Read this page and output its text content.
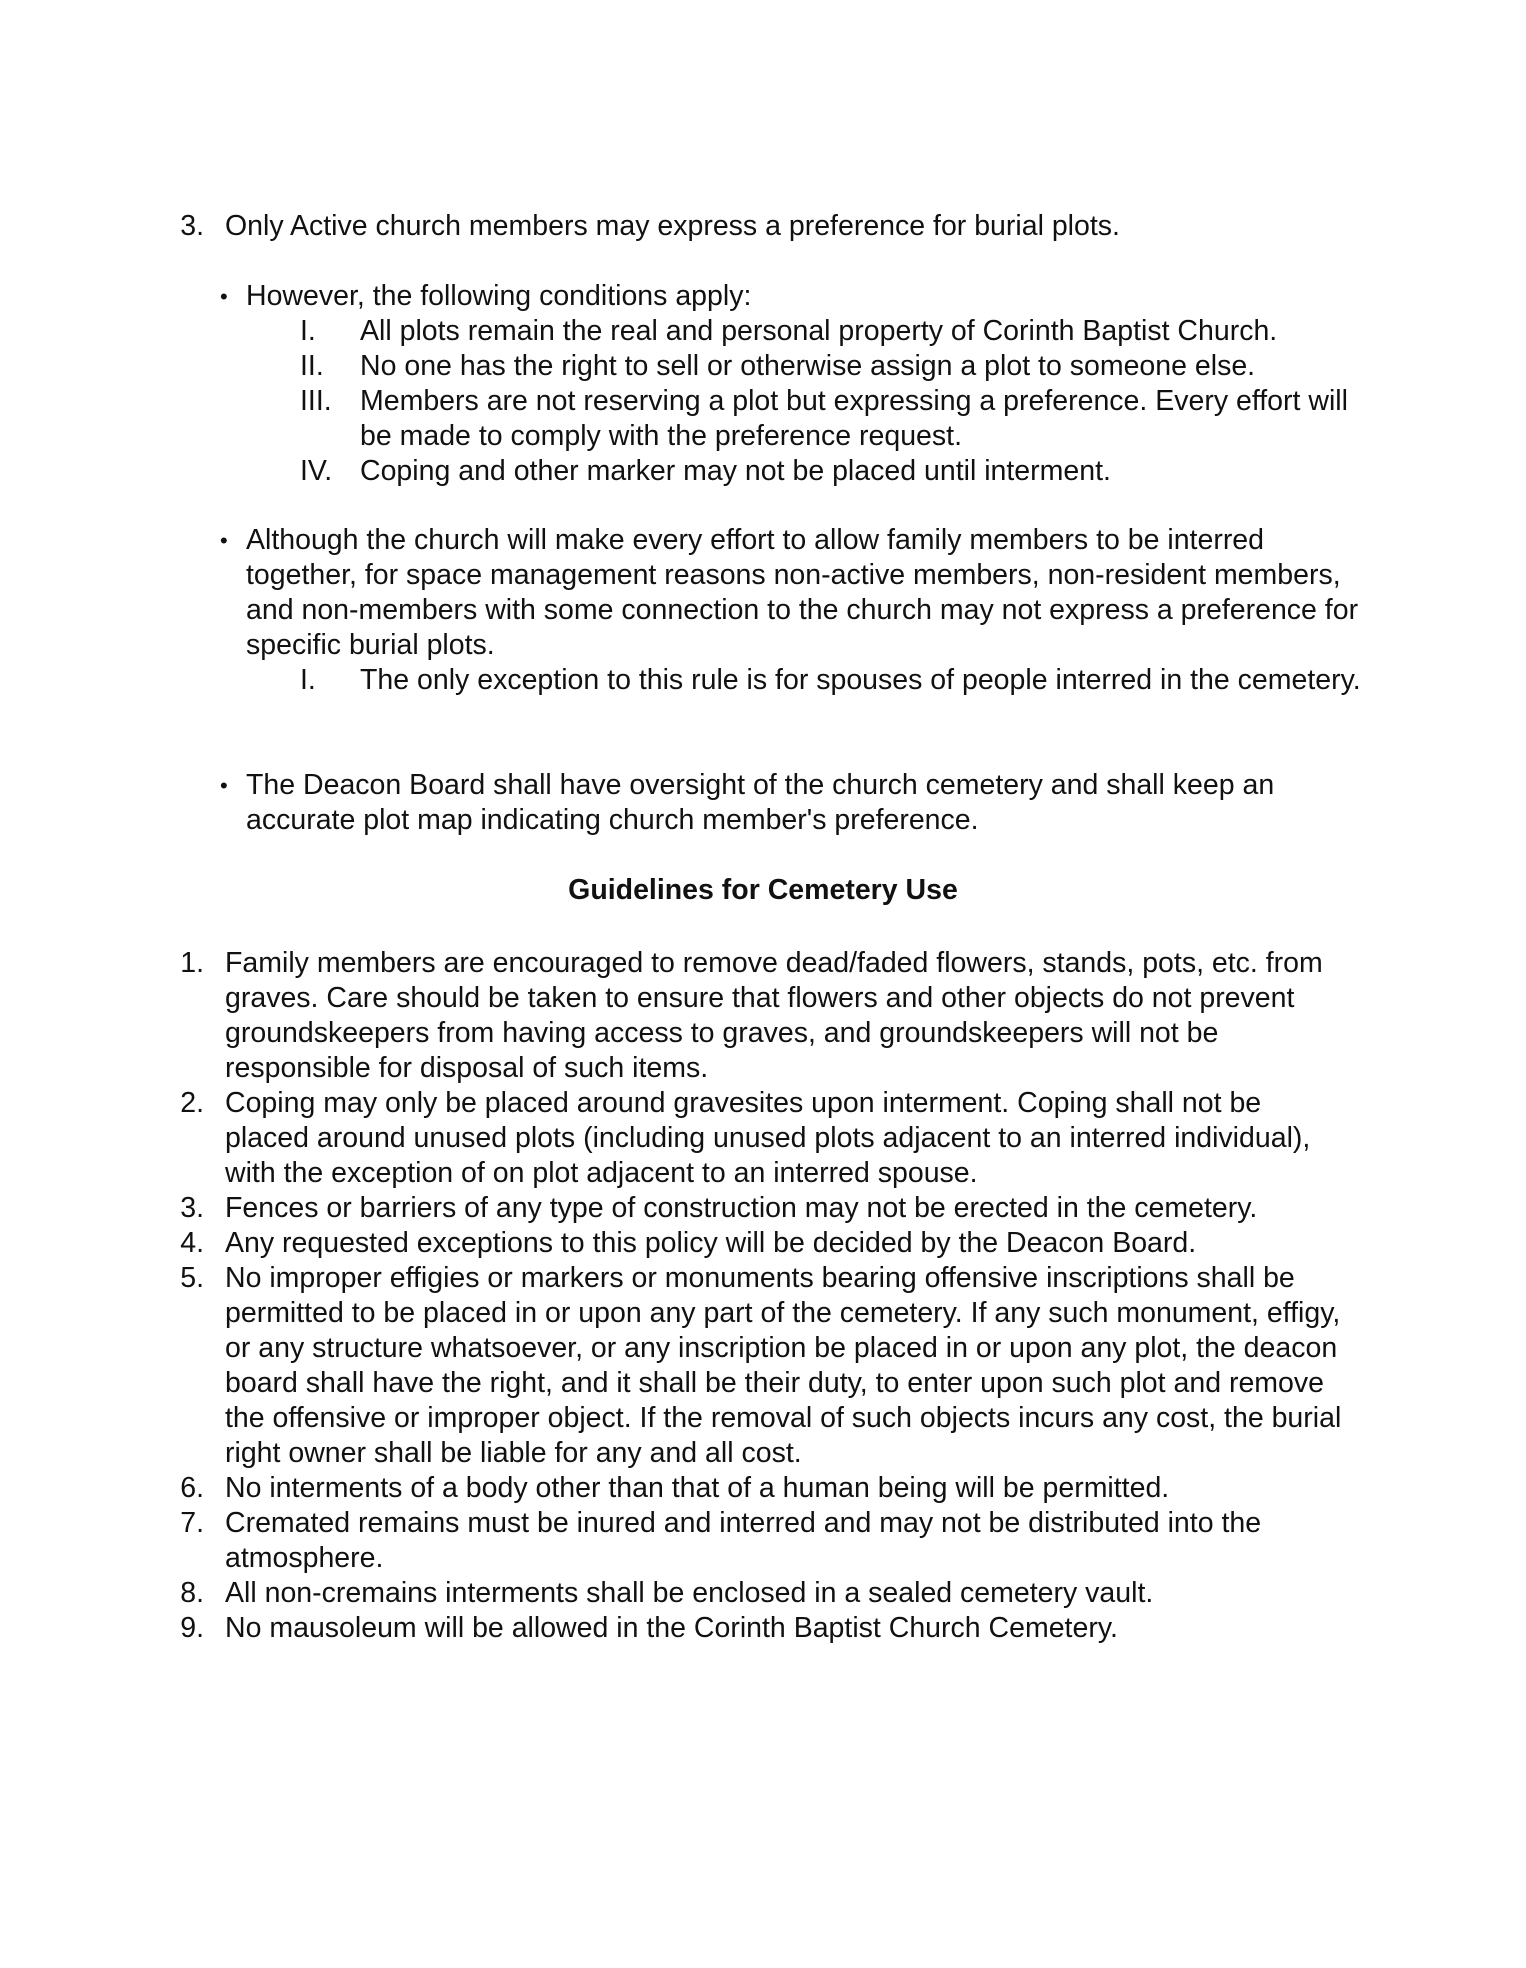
3. Only Active church members may express a preference for burial plots.
• However, the following conditions apply:
I.	All plots remain the real and personal property of Corinth Baptist Church.
II.	No one has the right to sell or otherwise assign a plot to someone else.
III. Members are not reserving a plot but expressing a preference. Every effort will be made to comply with the preference request.
IV. Coping and other marker may not be placed until interment.
• Although the church will make every effort to allow family members to be interred together, for space management reasons non-active members, non-resident members, and non-members with some connection to the church may not express a preference for specific burial plots.
I.	The only exception to this rule is for spouses of people interred in the cemetery.
• The Deacon Board shall have oversight of the church cemetery and shall keep an accurate plot map indicating church member's preference.
Guidelines for Cemetery Use
1. Family members are encouraged to remove dead/faded flowers, stands, pots, etc. from graves. Care should be taken to ensure that flowers and other objects do not prevent groundskeepers from having access to graves, and groundskeepers will not be responsible for disposal of such items.
2. Coping may only be placed around gravesites upon interment. Coping shall not be placed around unused plots (including unused plots adjacent to an interred individual), with the exception of on plot adjacent to an interred spouse.
3. Fences or barriers of any type of construction may not be erected in the cemetery.
4. Any requested exceptions to this policy will be decided by the Deacon Board.
5. No improper effigies or markers or monuments bearing offensive inscriptions shall be permitted to be placed in or upon any part of the cemetery. If any such monument, effigy, or any structure whatsoever, or any inscription be placed in or upon any plot, the deacon board shall have the right, and it shall be their duty, to enter upon such plot and remove the offensive or improper object. If the removal of such objects incurs any cost, the burial right owner shall be liable for any and all cost.
6. No interments of a body other than that of a human being will be permitted.
7. Cremated remains must be inured and interred and may not be distributed into the atmosphere.
8. All non-cremains interments shall be enclosed in a sealed cemetery vault.
9. No mausoleum will be allowed in the Corinth Baptist Church Cemetery.
